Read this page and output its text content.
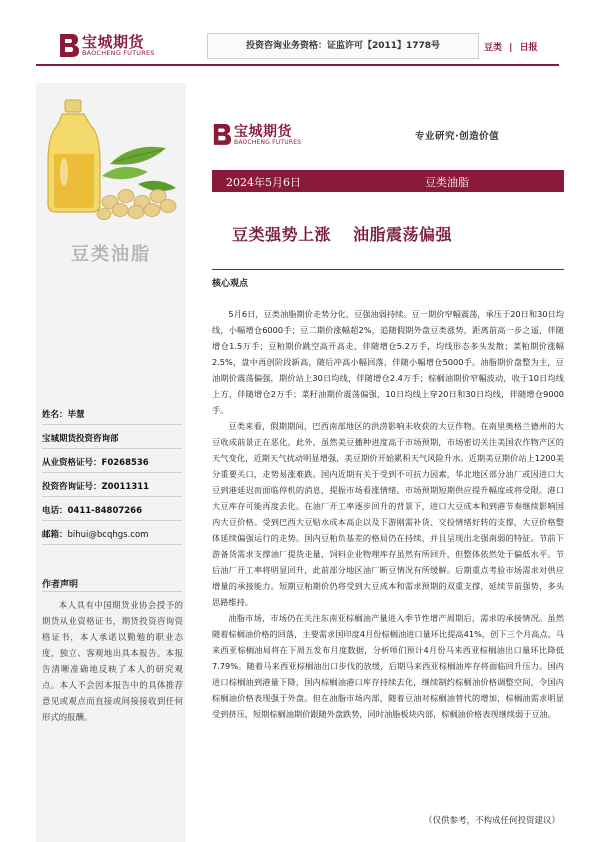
宝城期货
BAOCHENG FUTURES
投资咨询业务资格：证监许可【2011】1778号	豆类 | 日报
豆类油脂
姓名：毕慧
宝城期货投资咨询部
从业资格证号：F0268536
投资咨询证号：Z0011311
电话：0411-84807266
邮箱：bihui@bcqhgs.com
作者声明
本人具有中国期货业协会授予的期货从业资格证书，期货投资咨询资格证书，本人承诺以勤勉的职业态度，独立、客观地出具本报告。本报告清晰准确地反映了本人的研究观点。本人不会因本报告中的具体推荐意见或观点而直接或间接接收到任何形式的报酬。
宝城期货
BAOCHENG FUTURES
专业研究·创造价值
2024年5月6日	豆类油脂
豆类强势上涨 油脂震荡偏强
核心观点

5月6日，豆类油脂期价走势分化，豆强油弱持续。豆一期价窄幅震荡，承压于20日和30日均线，小幅增仓6000手；豆二期价涨幅超2%，追随假期外盘豆类涨势，距离前高一步之遥，伴随增仓1.5万手；豆粕期价跳空高开高走，伴随增仓5.2万手，均线形态多头发散；菜粕期价涨幅2.5%，盘中再创阶段新高，随后冲高小幅回落，伴随小幅增仓5000手。油脂期价盘整为主，豆油期价震荡偏强，期价站上30日均线，伴随增仓2.4万手；棕榈油期价窄幅波动，收于10日均线上方，伴随增仓2万手；菜籽油期价震荡偏强，10日均线上穿20日和30日均线，伴随增仓9000手。

豆类来看，假期期间，巴西南部地区的洪涝影响未收获的大豆作物。在南里奥格兰德州的大豆收成前景正在恶化。此外，虽然美豆播种进度高于市场预期，市场密切关注美国农作物产区的天气变化，近期天气扰动明显增强，美豆期价开始累积天气风险升水。近期美豆期价站上1200美分重要关口，走势易涨难跌。国内近期有关于受到不可抗力因素，华北地区部分油厂或因进口大豆到港延迟而面临停机的消息，提振市场看涨情绪。市场预期短期供应提升幅度或将受限。港口大豆库存可能再度去化。在油厂开工率逐步回升的背景下，进口大豆成本和到港节奏继续影响国内大豆价格。受到巴西大豆贴水成本高企以及下游刚需补货、交投情绪好转的支撑，大豆价格整体延续偏强运行的走势。国内豆粕负基差的格局仍在持续，并且呈现出北强南弱的特征。节前下游备货需求支撑油厂提货走量，饲料企业物理库存虽然有所回升，但整体依然处于偏低水平。节后油厂开工率将明显回升，此前部分地区油厂断豆情况有所缓解。后期重点考验市场需求对供应增量的承接能力。短期豆粕期价仍将受到大豆成本和需求预期的双重支撑，延续节前强势，多头思路维持。

油脂市场，市场仍在关注东南亚棕榈油产量进入季节性增产周期后，需求的承接情况。虽然随着棕榈油价格的回落，主要需求国印度4月份棕榈油进口量环比提高41%，创下三个月高点。马来西亚棕榈油局将在下周五发布月度数据，分析师们预计4月份马来西亚棕榈油出口量环比降低7.79%。随着马来西亚棕榈油出口步伐的放缓，后期马来西亚棕榈油库存将面临回升压力。国内进口棕榈油到港量下降，国内棕榈油港口库存持续去化，继续制约棕榈油价格调整空间，令国内棕榈油价格表现强于外盘。但在油脂市场内部，随着豆油对棕榈油替代的增加，棕榈油需求明显受到挤压，短期棕榈油期价跟随外盘跌势，同时油脂板块内部，棕榈油价格表现继续弱于豆油。

（仅供参考，不构成任何投资建议）
